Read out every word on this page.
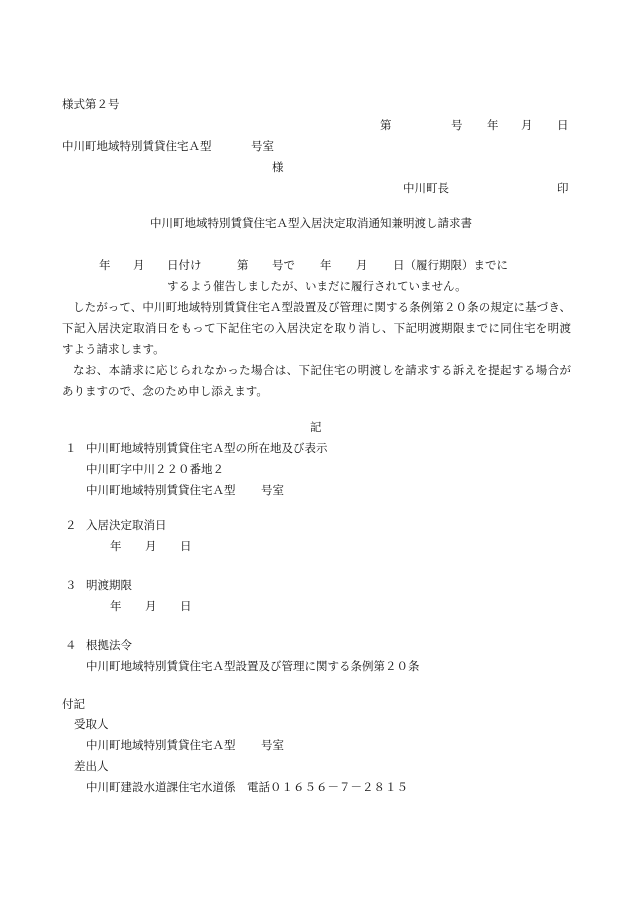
様式第２号
第	号 年 月 日
中川町地域特別賃貸住宅Ａ型	号室
様
中川町長	印
中川町地域特別賃貸住宅Ａ型入居決定取消通知兼明渡し請求書
年 月 日付け	第 号で 年 月 日（履行期限）までに
するよう催告しましたが、いまだに履行されていません。
したがって、中川町地域特別賃貸住宅Ａ型設置及び管理に関する条例第２０条の規定に基づき、
下記入居決定取消日をもって下記住宅の入居決定を取り消し、下記明渡期限までに同住宅を明渡
すよう請求します。
なお、本請求に応じられなかった場合は、下記住宅の明渡しを請求する訴えを提起する場合が
ありますので、念のため申し添えます。
記
１ 中川町地域特別賃貸住宅Ａ型の所在地及び表示
中川町字中川２２０番地２
中川町地域特別賃貸住宅Ａ型 号室
２ 入居決定取消日
年 月 日
３ 明渡期限
年 月 日
４ 根拠法令
中川町地域特別賃貸住宅Ａ型設置及び管理に関する条例第２０条
付記
受取人
中川町地域特別賃貸住宅Ａ型 号室
差出人
中川町建設水道課住宅水道係　電話０１６５６－７－２８１５
